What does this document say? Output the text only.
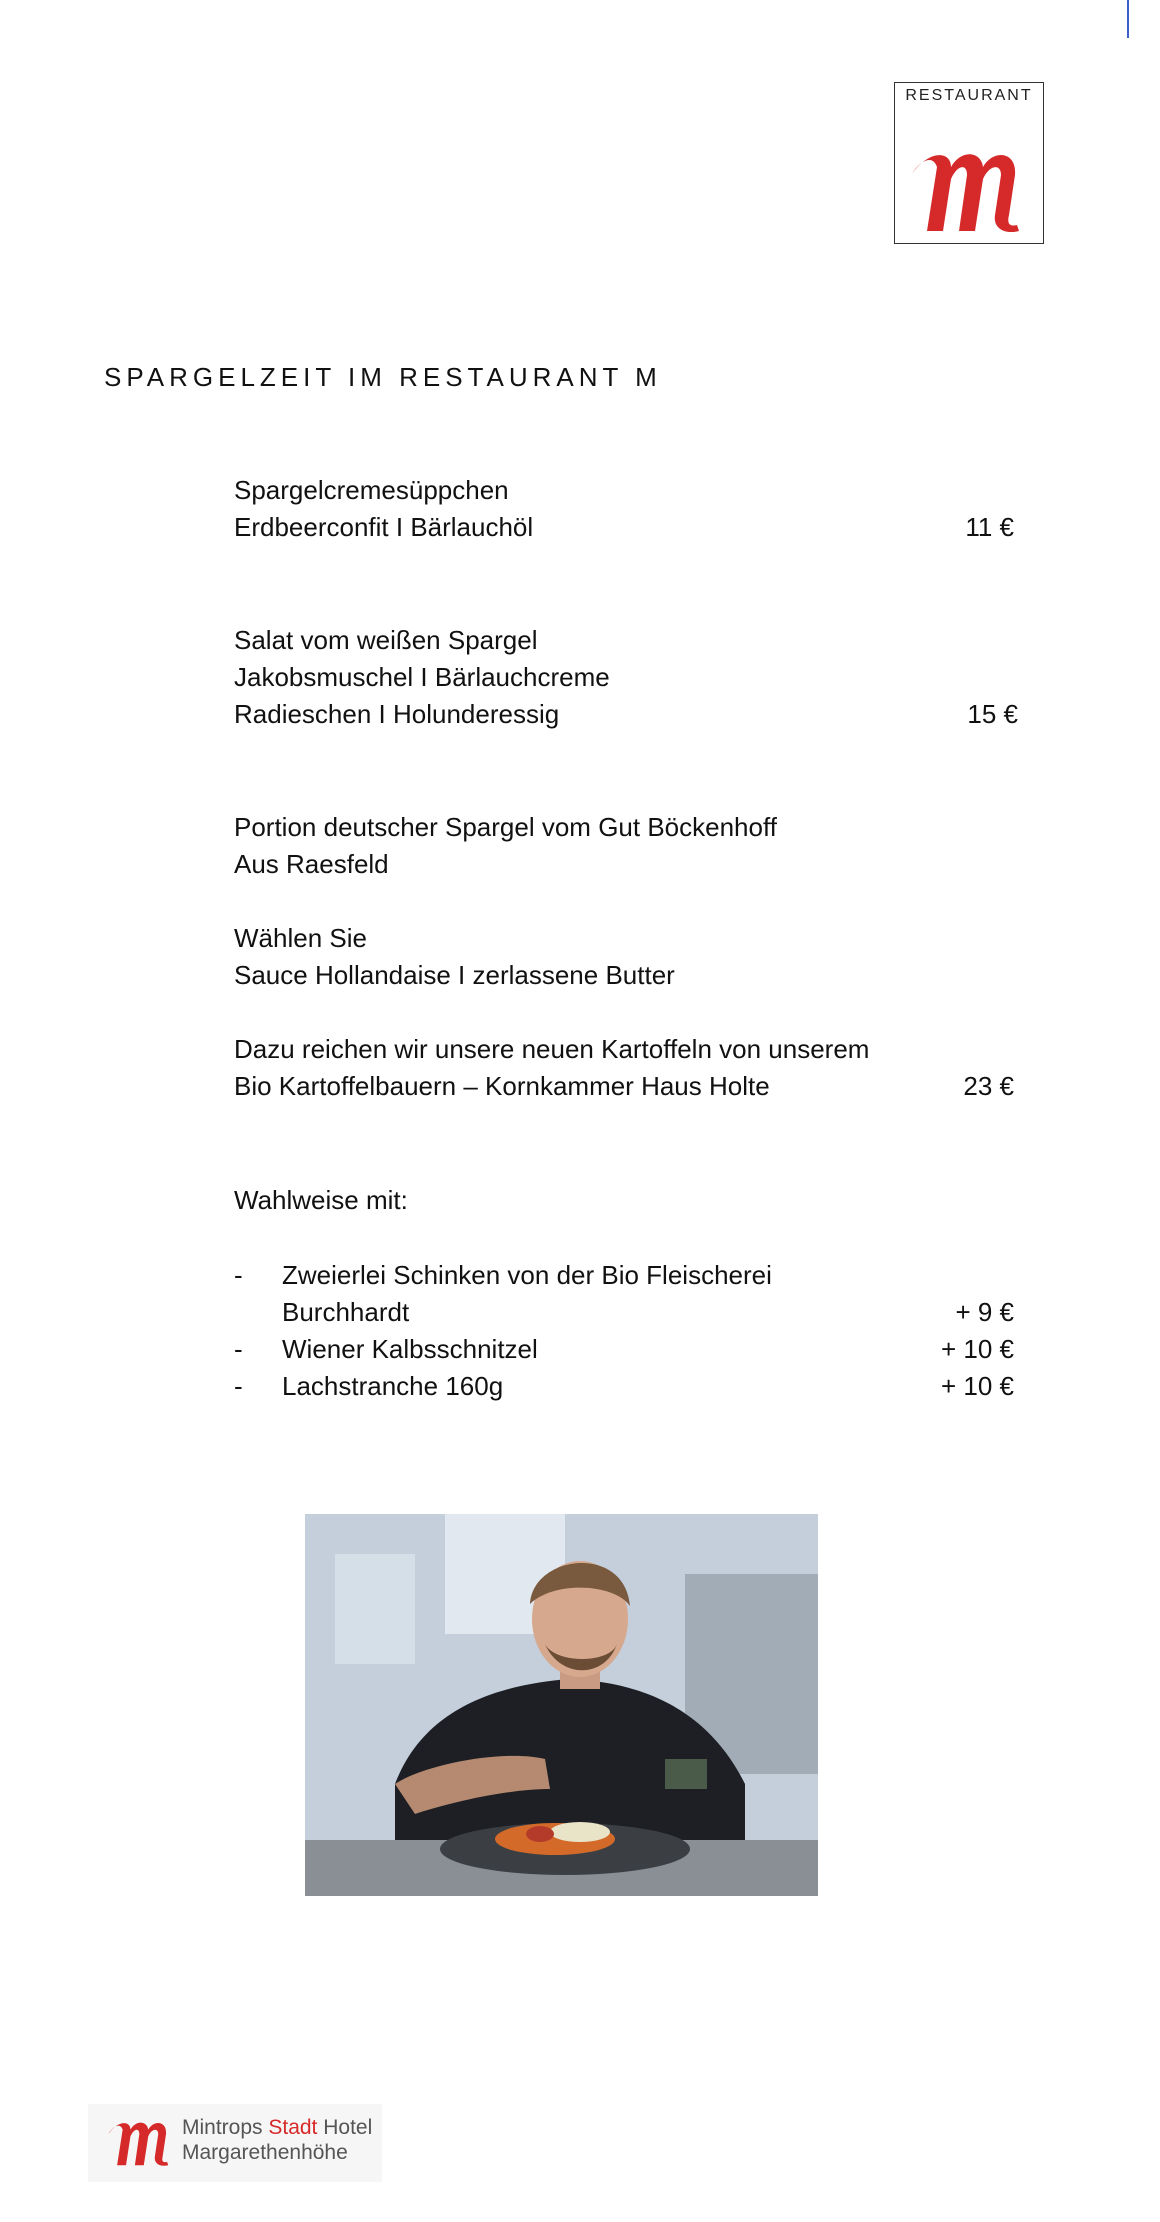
RESTAURANT
SPARGELZEIT IM RESTAURANT M
Spargelcremesüppchen
Erdbeerconfit I Bärlauchöl	11 €
Salat vom weißen Spargel
Jakobsmuschel I Bärlauchcreme
Radieschen I Holunderessig	15 €
Portion deutscher Spargel vom Gut Böckenhoff
Aus Raesfeld
Wählen Sie
Sauce Hollandaise I zerlassene Butter
Dazu reichen wir unsere neuen Kartoffeln von unserem
Bio Kartoffelbauern – Kornkammer Haus Holte	23 €
Wahlweise mit:
- Zweierlei Schinken von der Bio Fleischerei
Burchhardt	+ 9 €
- Wiener Kalbsschnitzel	+ 10 €
- Lachstranche 160g	+ 10 €
Mintrops Stadt Hotel
Margarethenhöhe
